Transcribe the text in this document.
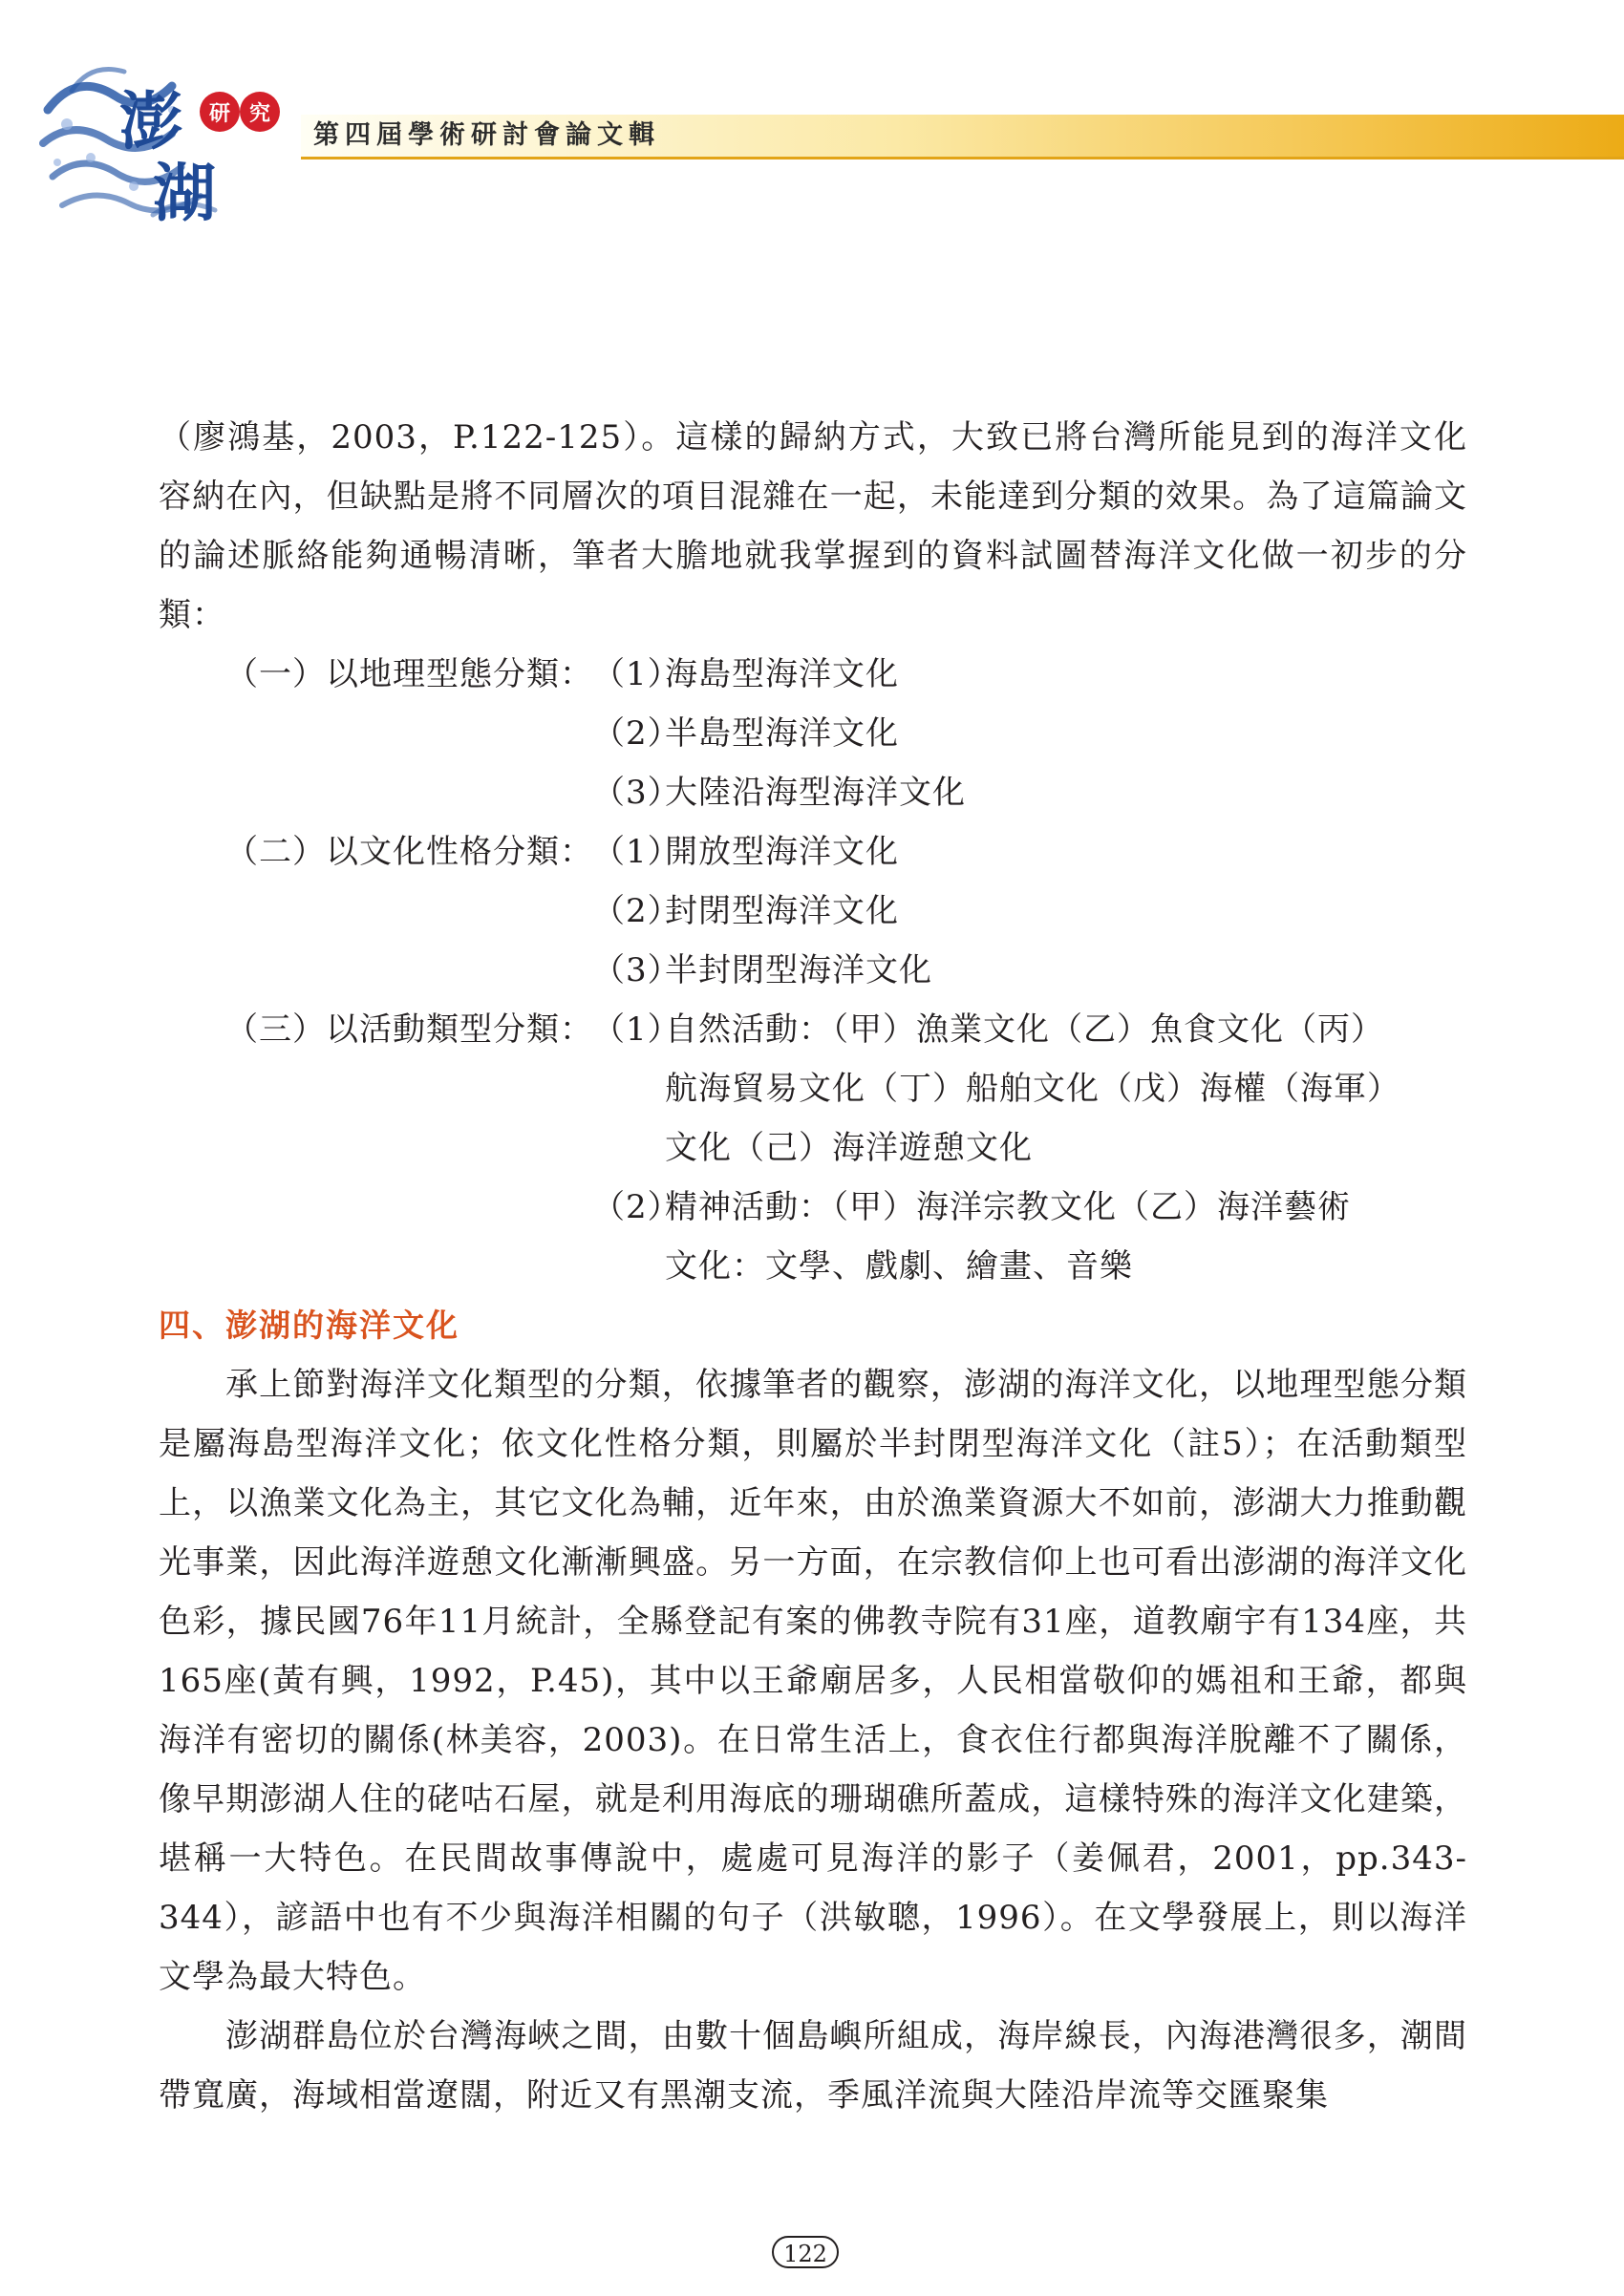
澎
湖
研 究
第四屆學術研討會論文輯

（廖鴻基，2003，P.122-125）。這樣的歸納方式，大致已將台灣所能見到的海洋文化容納在內，但缺點是將不同層次的項目混雜在一起，未能達到分類的效果。為了這篇論文的論述脈絡能夠通暢清晰，筆者大膽地就我掌握到的資料試圖替海洋文化做一初步的分類：

（一）以地理型態分類： （1）
海島型海洋文化
（2）
半島型海洋文化
（3）
大陸沿海型海洋文化
（二）以文化性格分類： （1）
開放型海洋文化
（2）
封閉型海洋文化
（3）
半封閉型海洋文化
（三）以活動類型分類： （1）
自然活動：（甲）漁業文化（乙）魚食文化（丙）
航海貿易文化（丁）船舶文化（戊）海權（海軍）
文化（己）海洋遊憩文化
（2）
精神活動：（甲）海洋宗教文化（乙）海洋藝術
文化：文學、戲劇、繪畫、音樂
四、澎湖的海洋文化

承上節對海洋文化類型的分類，依據筆者的觀察，澎湖的海洋文化，以地理型態分類是屬海島型海洋文化；依文化性格分類，則屬於半封閉型海洋文化（註5）；在活動類型上，以漁業文化為主，其它文化為輔，近年來，由於漁業資源大不如前，澎湖大力推動觀光事業，因此海洋遊憩文化漸漸興盛。另一方面，在宗教信仰上也可看出澎湖的海洋文化色彩，據民國76年11月統計，全縣登記有案的佛教寺院有31座，道教廟宇有134座，共165座(黃有興，1992，P.45)，其中以王爺廟居多，人民相當敬仰的媽祖和王爺，都與海洋有密切的關係(林美容，2003)。在日常生活上，食衣住行都與海洋脫離不了關係，像早期澎湖人住的硓咕石屋，就是利用海底的珊瑚礁所蓋成，這樣特殊的海洋文化建築，堪稱一大特色。在民間故事傳說中，處處可見海洋的影子（姜佩君，2001，pp.343-344），諺語中也有不少與海洋相關的句子（洪敏聰，1996）。在文學發展上，則以海洋文學為最大特色。

澎湖群島位於台灣海峽之間，由數十個島嶼所組成，海岸線長，內海港灣很多，潮間帶寬廣，海域相當遼闊，附近又有黑潮支流，季風洋流與大陸沿岸流等交匯聚集

122
